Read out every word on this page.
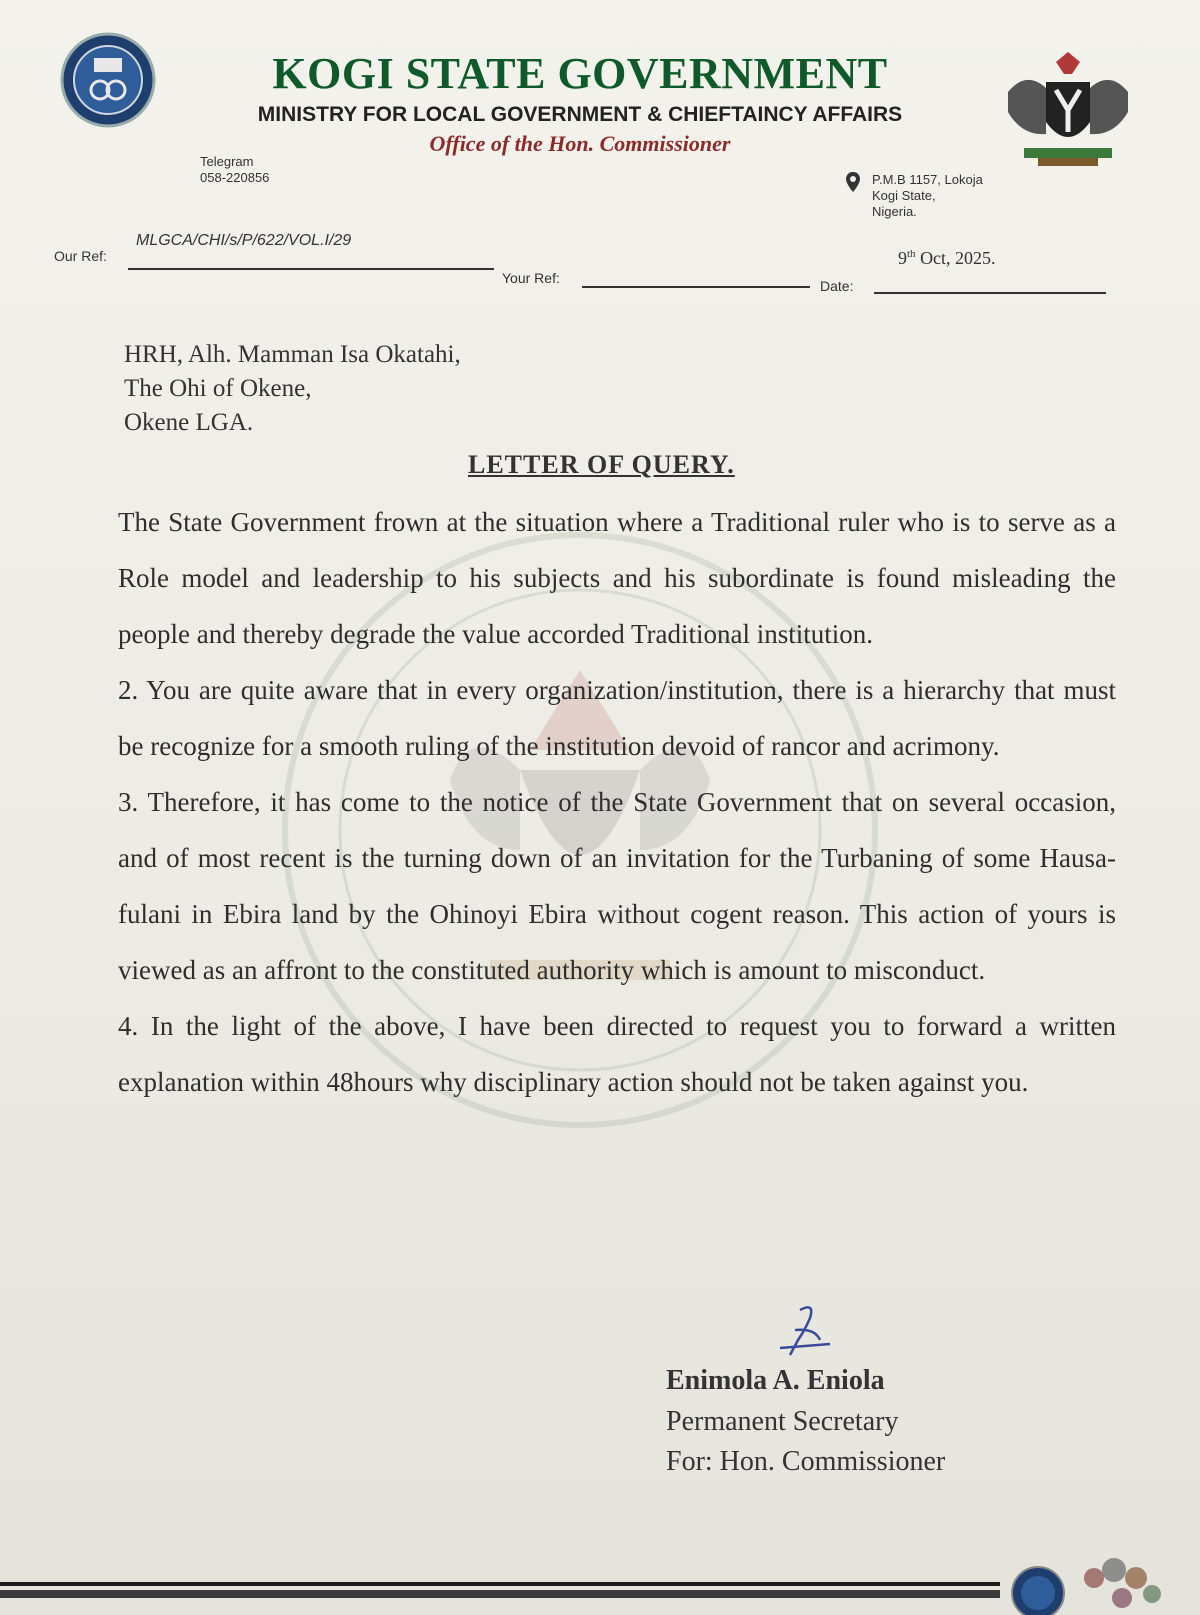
KOGI STATE GOVERNMENT
MINISTRY FOR LOCAL GOVERNMENT & CHIEFTAINCY AFFAIRS
Office of the Hon. Commissioner
Telegram
058-220856	P.M.B 1157, Lokoja
Kogi State,
Nigeria.
MLGCA/CHI/s/P/622/VOL.I/29
Our Ref:
Your Ref:	Date:
9th Oct, 2025.
HRH, Alh. Mamman Isa Okatahi,
The Ohi of Okene,
Okene LGA.
LETTER OF QUERY.

The State Government frown at the situation where a Traditional ruler who is to serve as a Role model and leadership to his subjects and his subordinate is found misleading the people and thereby degrade the value accorded Traditional institution.

2. You are quite aware that in every organization/institution, there is a hierarchy that must be recognize for a smooth ruling of the institution devoid of rancor and acrimony.

3. Therefore, it has come to the notice of the State Government that on several occasion, and of most recent is the turning down of an invitation for the Turbaning of some Hausa-fulani in Ebira land by the Ohinoyi Ebira without cogent reason. This action of yours is viewed as an affront to the constituted authority which is amount to misconduct.

4. In the light of the above, I have been directed to request you to forward a written explanation within 48hours why disciplinary action should not be taken against you.

Enimola A. Eniola
Permanent Secretary
For: Hon. Commissioner
